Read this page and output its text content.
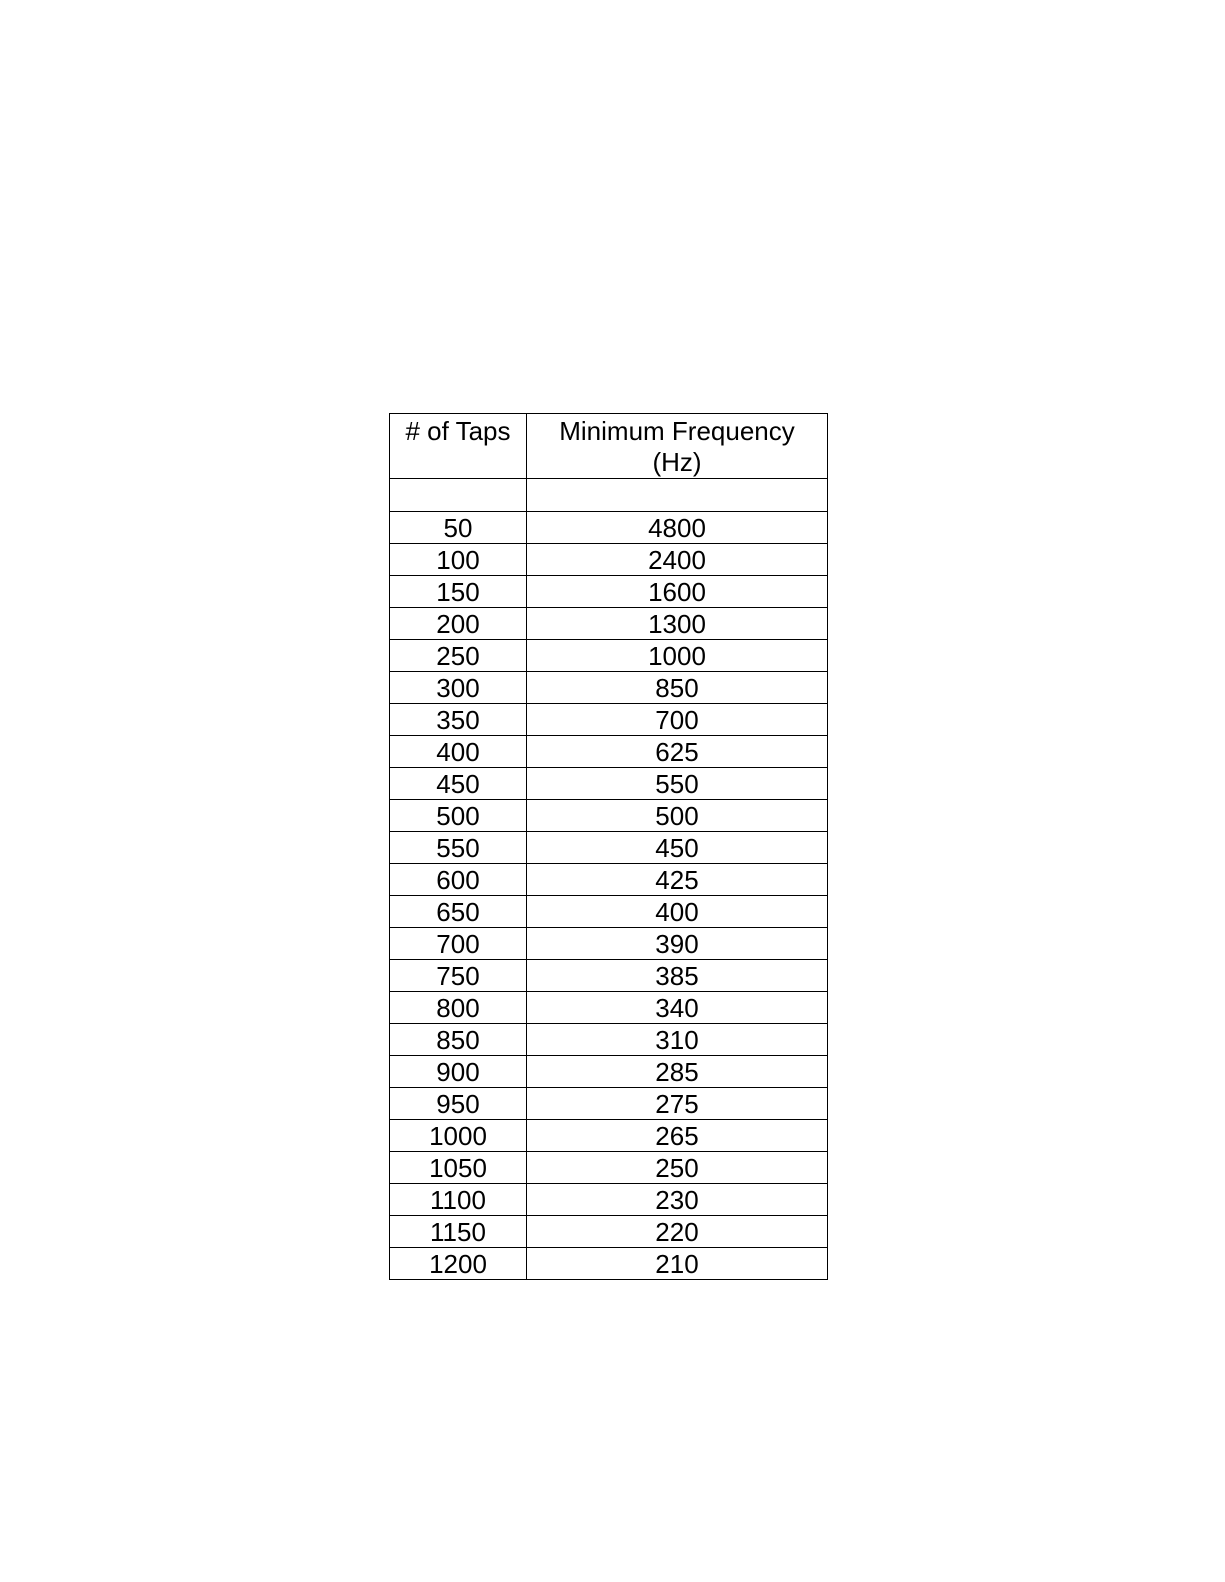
# of Taps	Minimum Frequency
(Hz)

50	4800
100	2400
150	1600
200	1300
250	1000
300	850
350	700
400	625
450	550
500	500
550	450
600	425
650	400
700	390
750	385
800	340
850	310
900	285
950	275
1000	265
1050	250
1100	230
1150	220
1200	210
